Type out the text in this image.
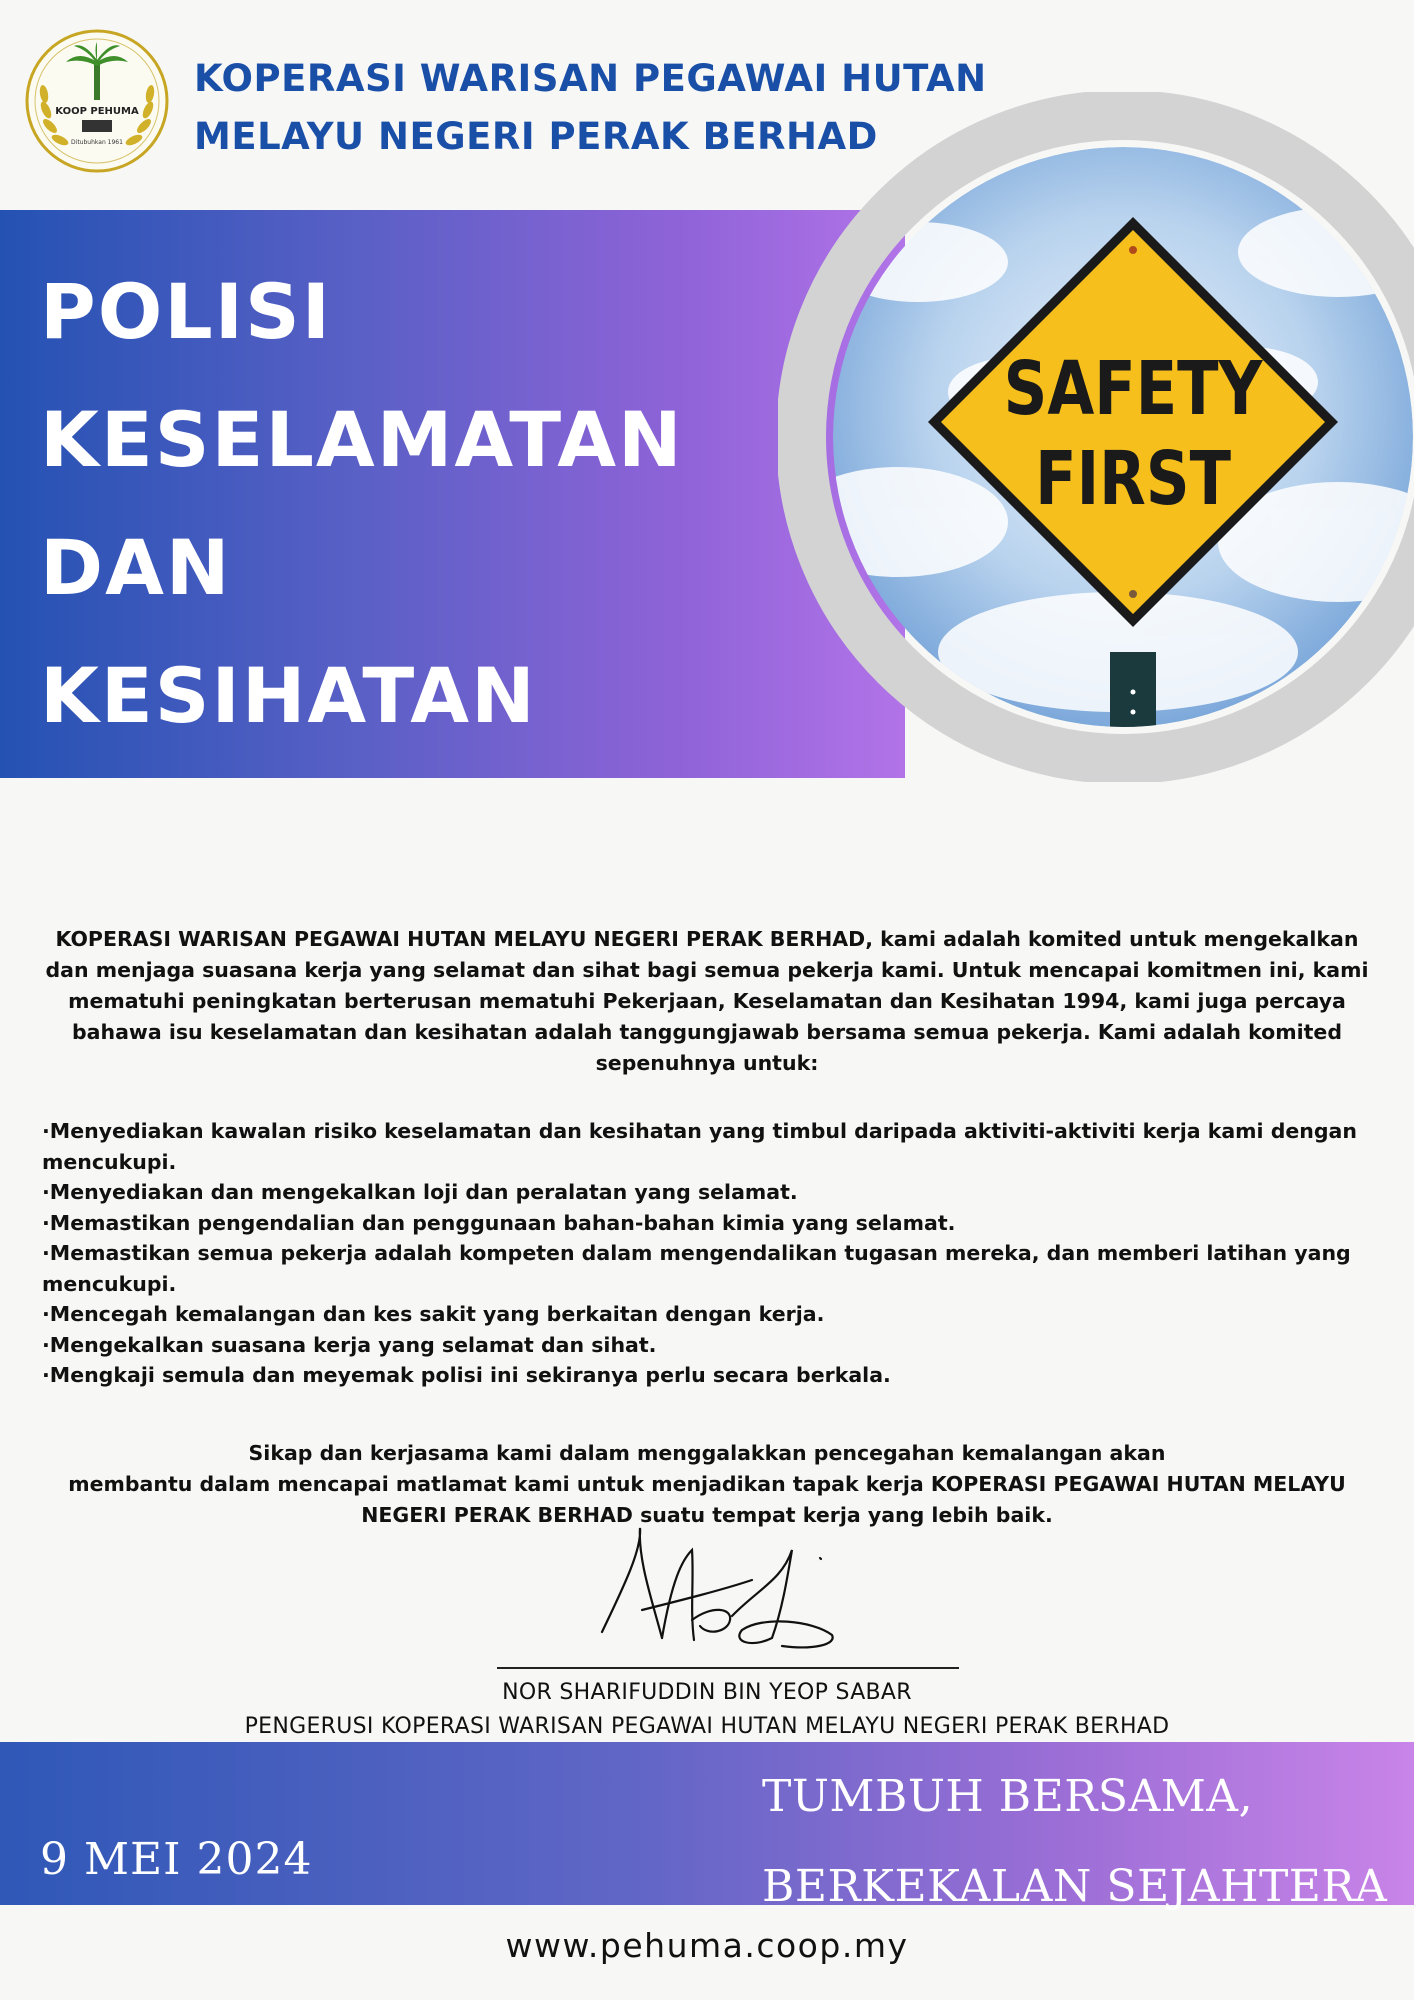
KOOP PEHUMA
Ditubuhkan 1961
KOPERASI WARISAN PEGAWAI HUTAN
MELAYU NEGERI PERAK BERHAD
SAFETY
FIRST
POLISI
KESELAMATAN
DAN
KESIHATAN
KOPERASI WARISAN PEGAWAI HUTAN MELAYU NEGERI PERAK BERHAD, kami adalah komited untuk mengekalkan
dan menjaga suasana kerja yang selamat dan sihat bagi semua pekerja kami. Untuk mencapai komitmen ini, kami
mematuhi peningkatan berterusan mematuhi Pekerjaan, Keselamatan dan Kesihatan 1994, kami juga percaya
bahawa isu keselamatan dan kesihatan adalah tanggungjawab bersama semua pekerja. Kami adalah komited
sepenuhnya untuk:

·Menyediakan kawalan risiko keselamatan dan kesihatan yang timbul daripada aktiviti-aktiviti kerja kami dengan

mencukupi.

·Menyediakan dan mengekalkan loji dan peralatan yang selamat.

·Memastikan pengendalian dan penggunaan bahan-bahan kimia yang selamat.

·Memastikan semua pekerja adalah kompeten dalam mengendalikan tugasan mereka, dan memberi latihan yang

mencukupi.

·Mencegah kemalangan dan kes sakit yang berkaitan dengan kerja.

·Mengekalkan suasana kerja yang selamat dan sihat.

·Mengkaji semula dan meyemak polisi ini sekiranya perlu secara berkala.

Sikap dan kerjasama kami dalam menggalakkan pencegahan kemalangan akan
membantu dalam mencapai matlamat kami untuk menjadikan tapak kerja KOPERASI PEGAWAI HUTAN MELAYU
NEGERI PERAK BERHAD suatu tempat kerja yang lebih baik.
NOR SHARIFUDDIN BIN YEOP SABAR
PENGERUSI KOPERASI WARISAN PEGAWAI HUTAN MELAYU NEGERI PERAK BERHAD
9 MEI 2024
TUMBUH BERSAMA,
BERKEKALAN SEJAHTERA
www.pehuma.coop.my
